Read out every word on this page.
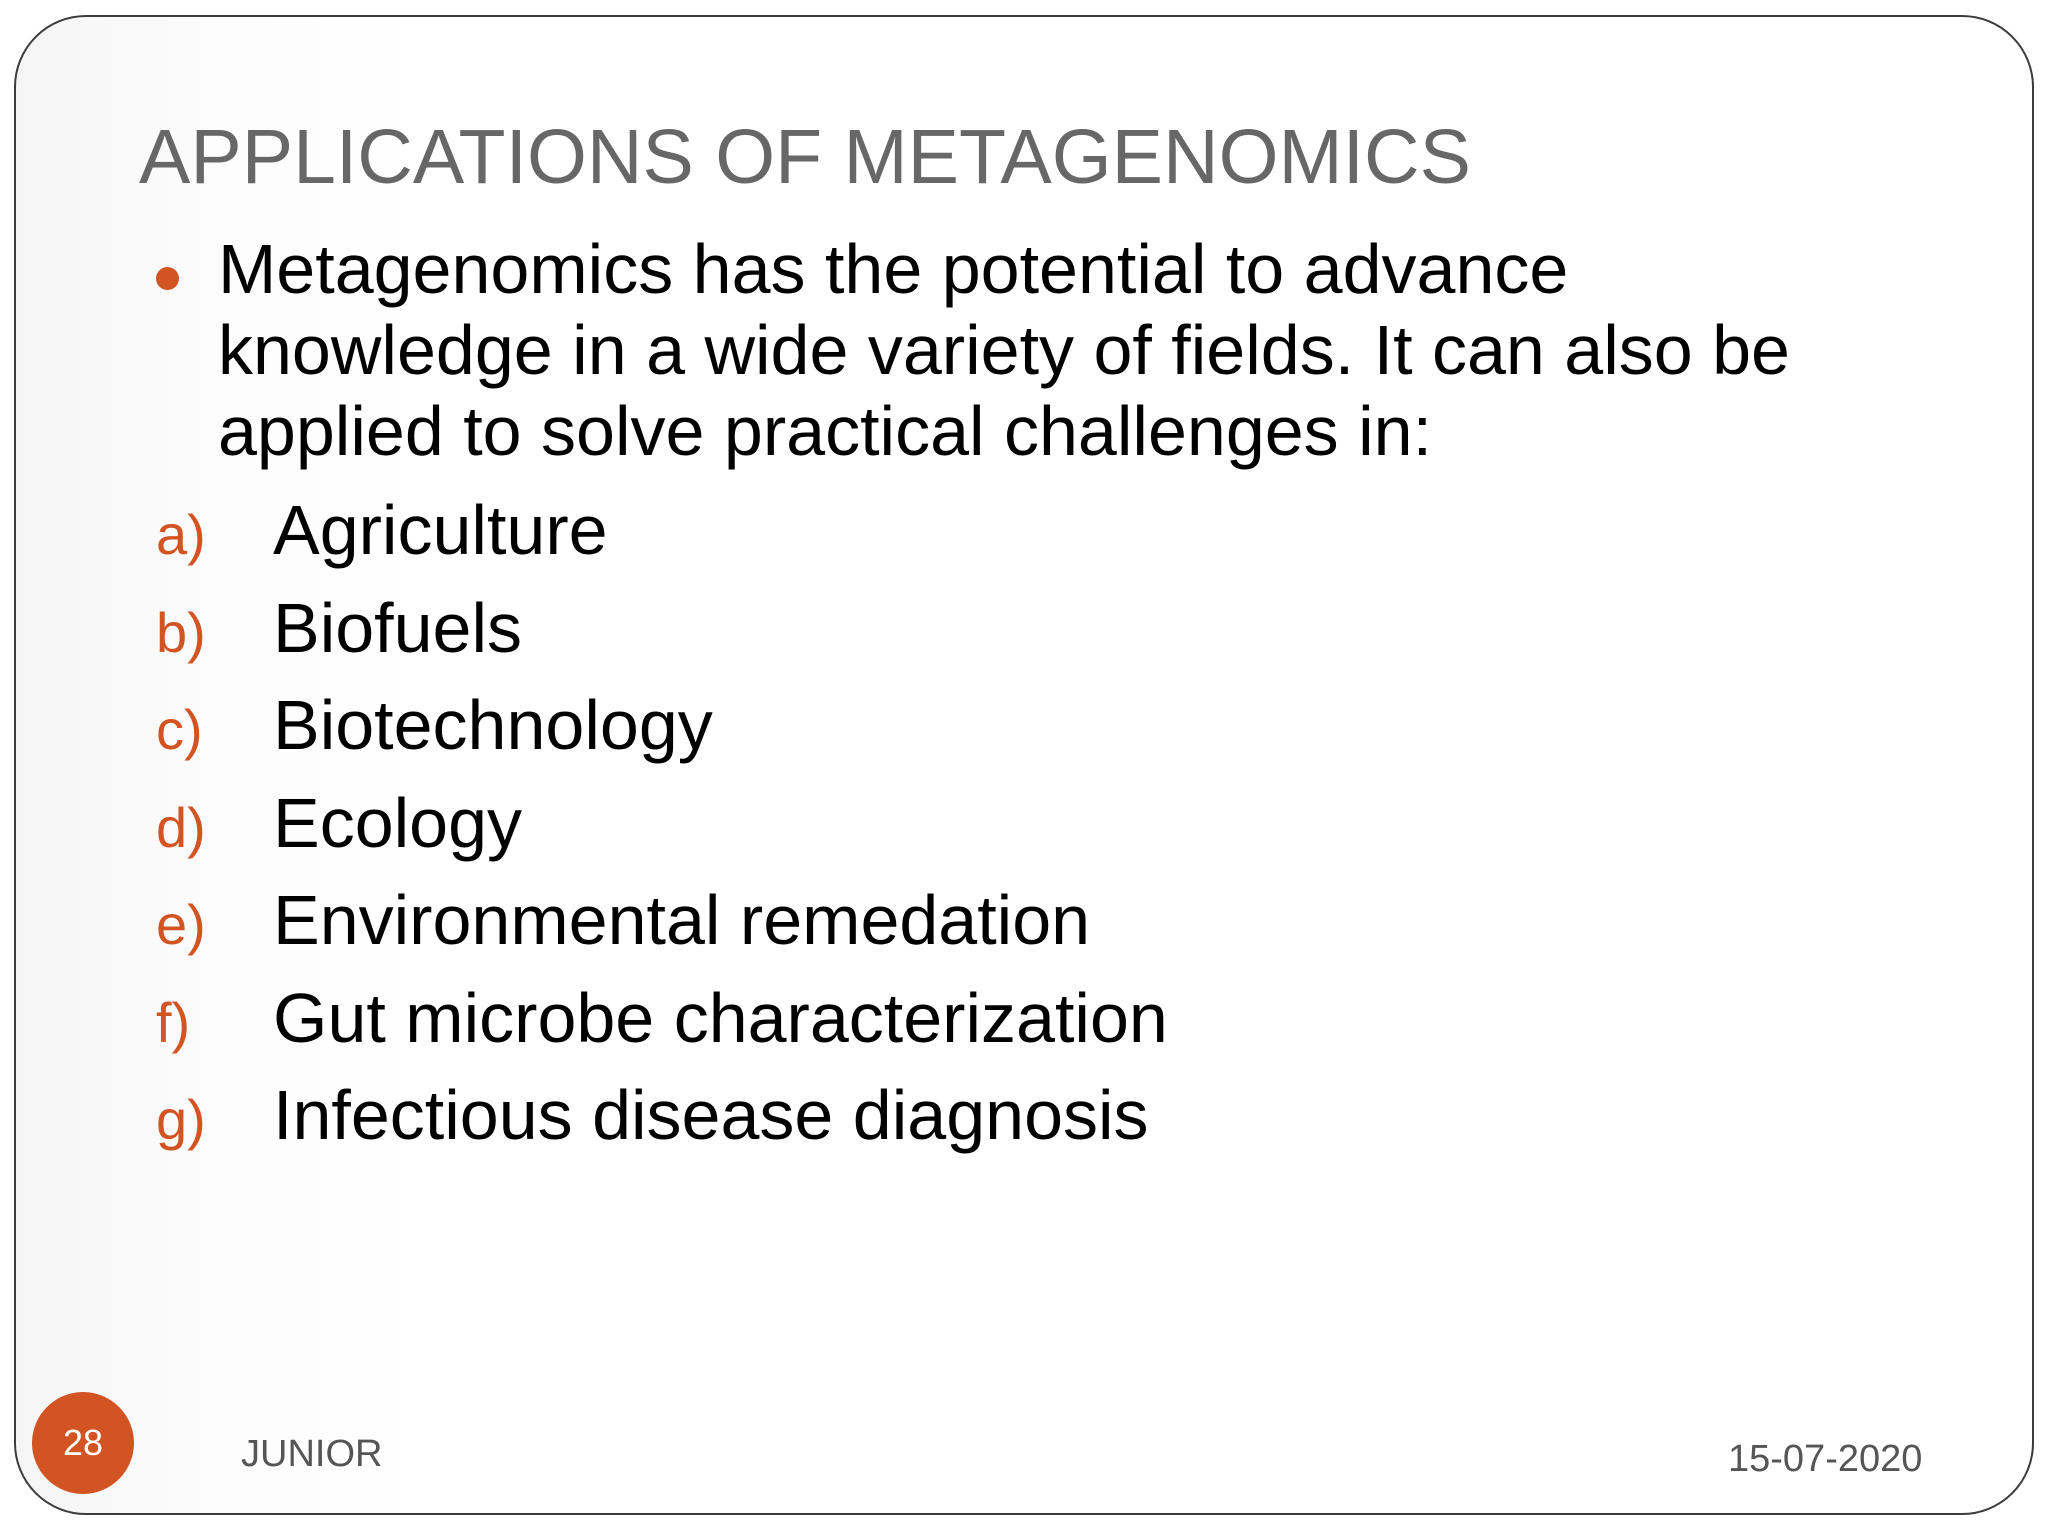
APPLICATIONS OF METAGENOMICS

Metagenomics has the potential to advance knowledge in a wide variety of fields. It can also be applied to solve practical challenges in:

a) Agriculture
b) Biofuels
c) Biotechnology
d) Ecology
e) Environmental remedation
f) Gut microbe characterization
g) Infectious disease diagnosis
JUNIOR	15-07-2020
28
